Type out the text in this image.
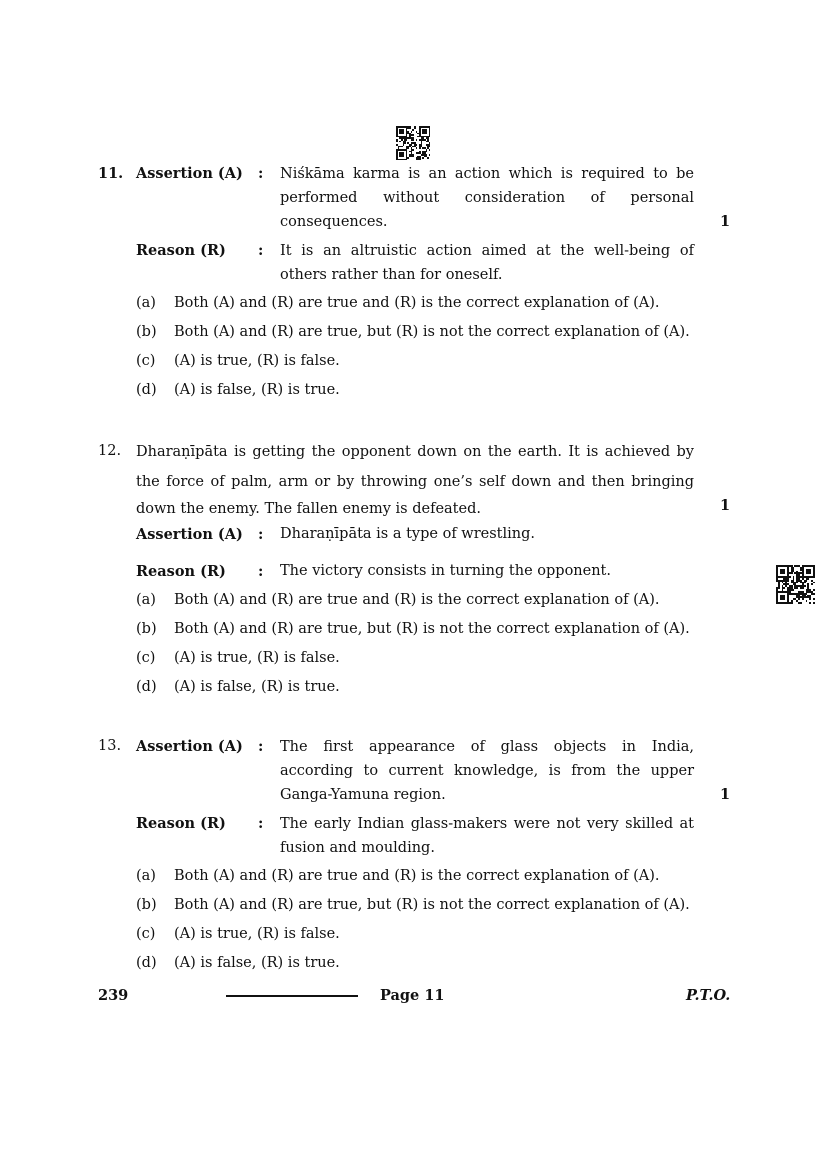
11. Assertion (A) : Niśkāma karma is an action which is required to be
performed without consideration of personal
consequences.	1
Reason (R) : It is an altruistic action aimed at the well-being of
others rather than for oneself.
(a) Both (A) and (R) are true and (R) is the correct explanation of (A).
(b) Both (A) and (R) are true, but (R) is not the correct explanation of (A).
(c) (A) is true, (R) is false.
(d) (A) is false, (R) is true.
12. Dharaṇīpāta is getting the opponent down on the earth. It is achieved by
the force of palm, arm or by throwing one’s self down and then bringing
down the enemy. The fallen enemy is defeated.	1
Assertion (A) : Dharaṇīpāta is a type of wrestling.
Reason (R) : The victory consists in turning the opponent.
(a) Both (A) and (R) are true and (R) is the correct explanation of (A).
(b) Both (A) and (R) are true, but (R) is not the correct explanation of (A).
(c) (A) is true, (R) is false.
(d) (A) is false, (R) is true.
13. Assertion (A) : The first appearance of glass objects in India,
according to current knowledge, is from the upper
Ganga-Yamuna region.	1
Reason (R) : The early Indian glass-makers were not very skilled at
fusion and moulding.
(a) Both (A) and (R) are true and (R) is the correct explanation of (A).
(b) Both (A) and (R) are true, but (R) is not the correct explanation of (A).
(c) (A) is true, (R) is false.
(d) (A) is false, (R) is true.
239	Page 11	P.T.O.
